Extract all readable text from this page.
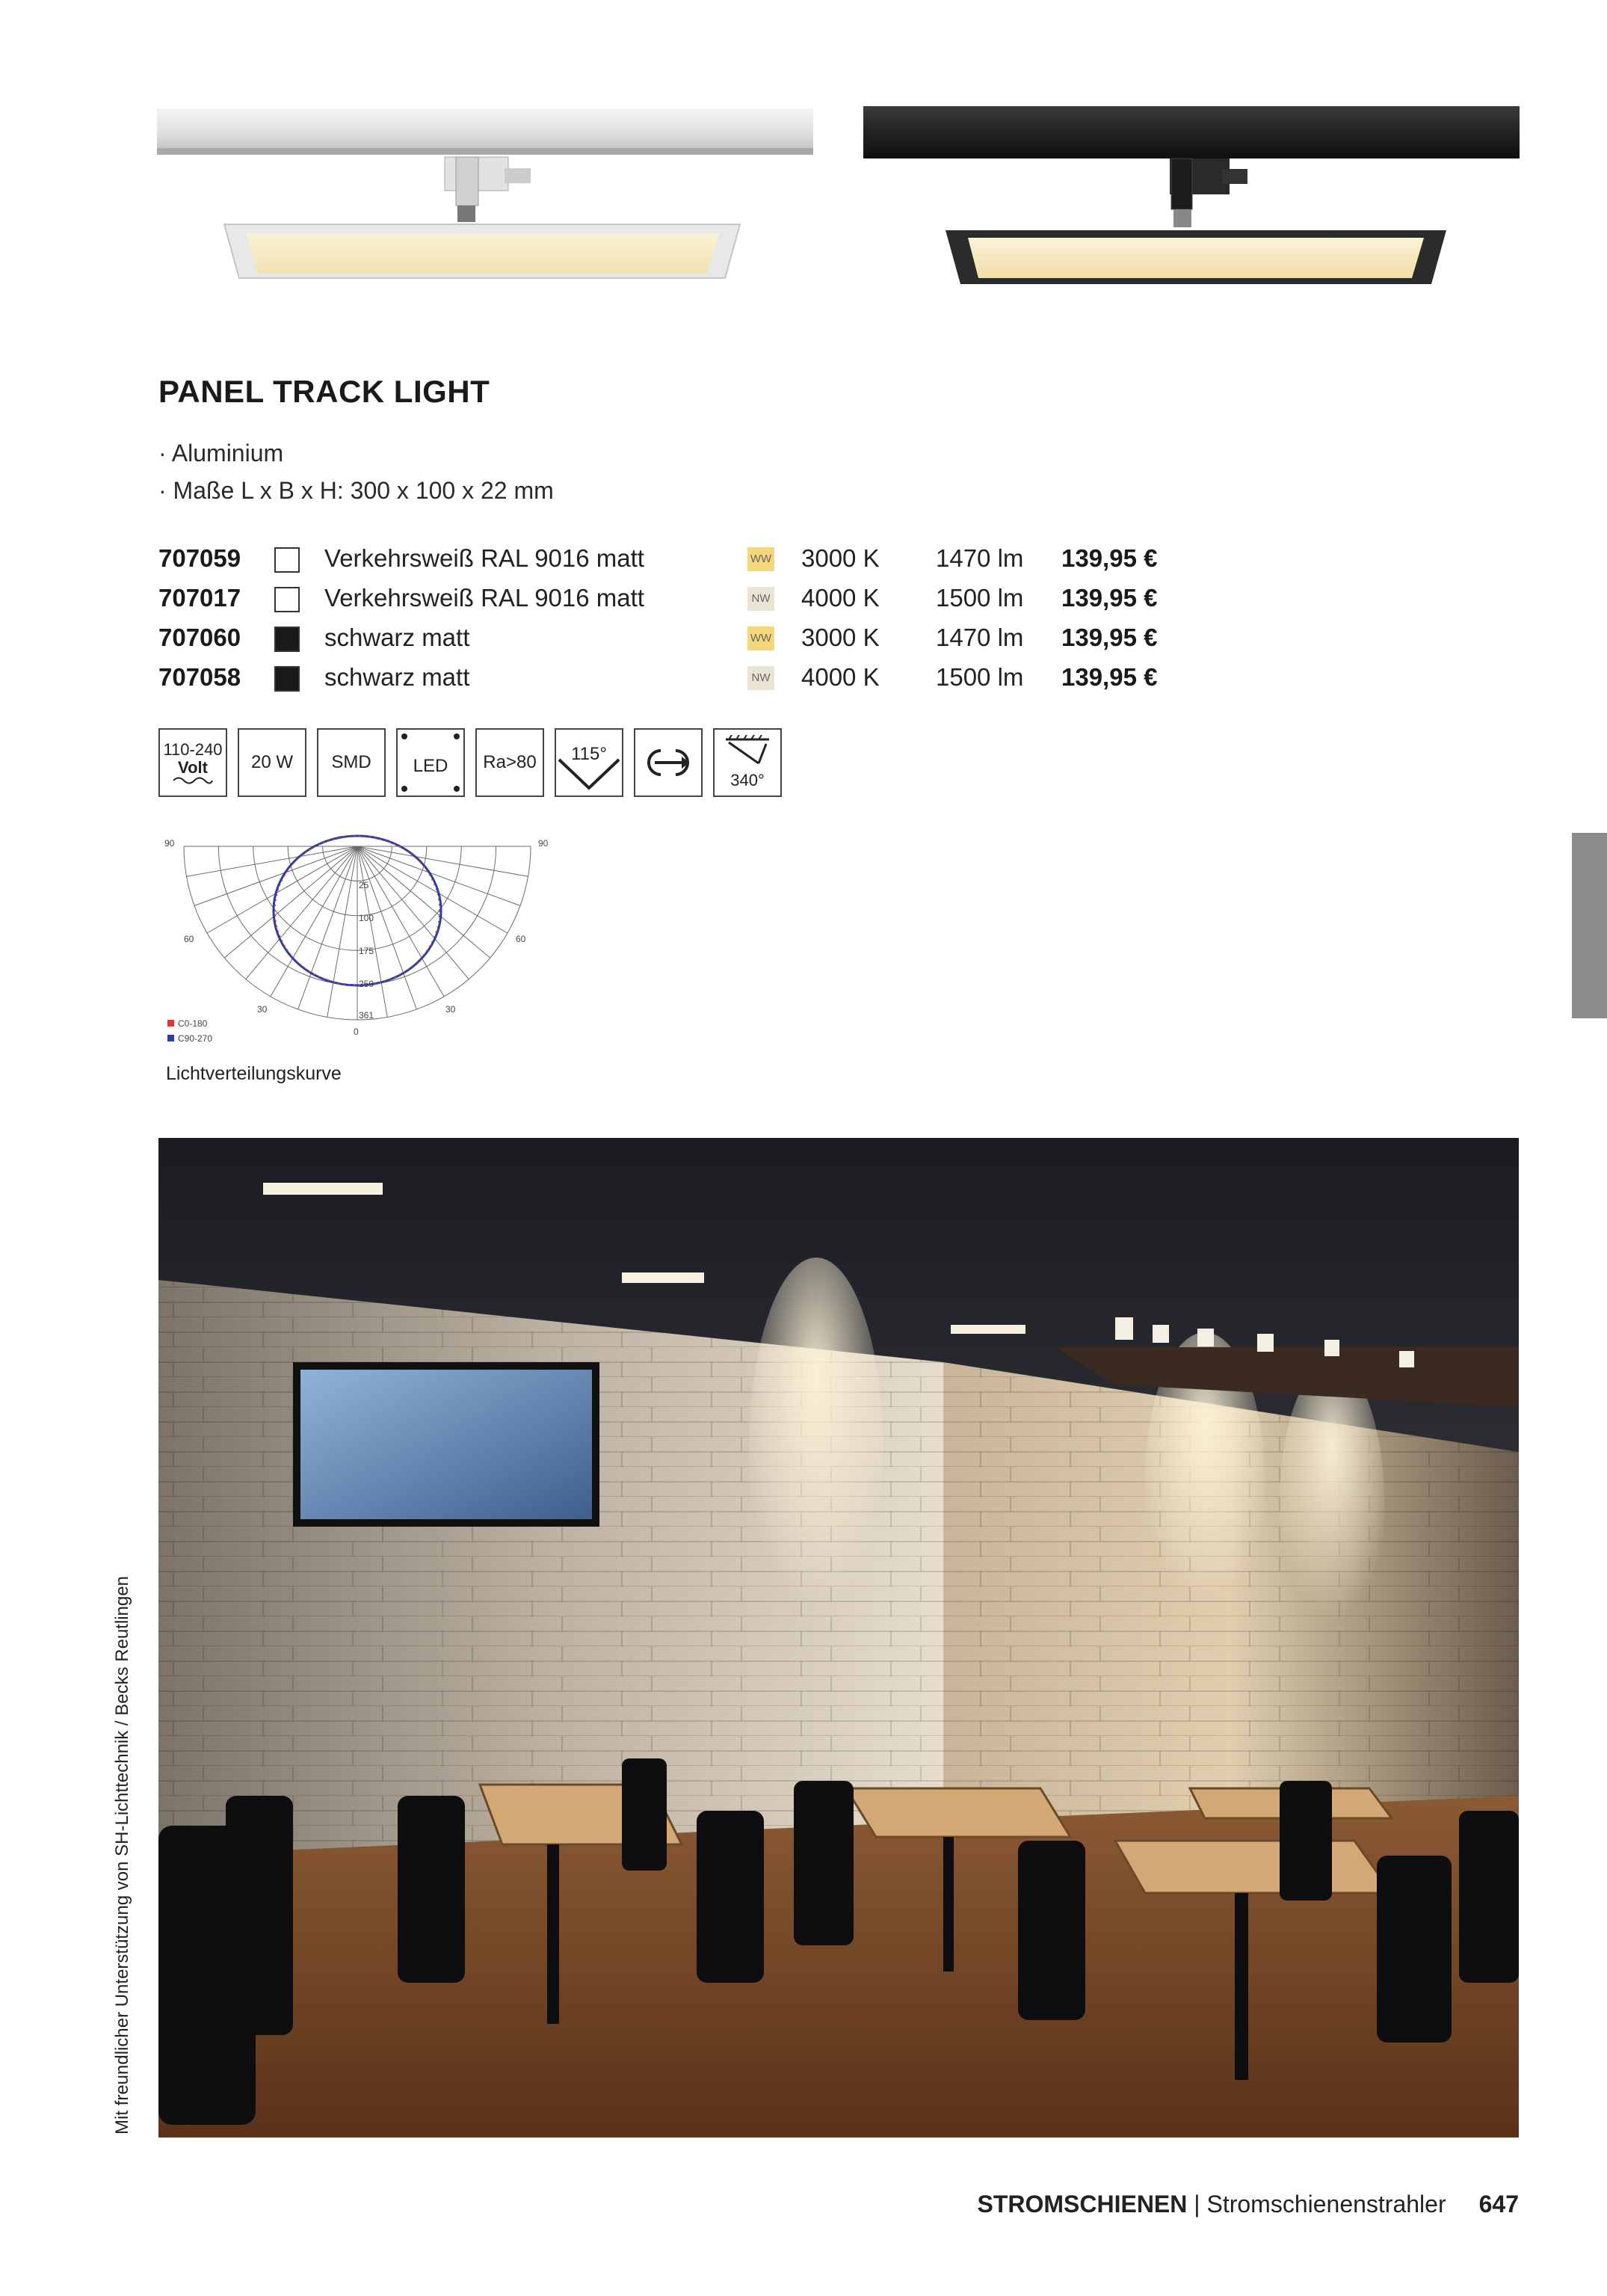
PANEL TRACK LIGHT
· Aluminium
· Maße L x B x H: 300 x 100 x 22 mm
707059	Verkehrsweiß RAL 9016 matt	WW 3000 K 1470 lm 139,95 €
707017	Verkehrsweiß RAL 9016 matt	NW 4000 K 1500 lm 139,95 €
707060	schwarz matt	WW 3000 K 1470 lm 139,95 €
707058	schwarz matt	NW 4000 K 1500 lm 139,95 €
110-240
Volt 20 W SMD LED Ra>80 115°
340°
90	90
60	60
30	30
0
25
100
175
250
361
C0-180
C90-270
Lichtverteilungskurve
Mit freundlicher Unterstützung von SH-Lichttechnik / Becks Reutlingen
STROMSCHIENEN | Stromschienenstrahler 647
